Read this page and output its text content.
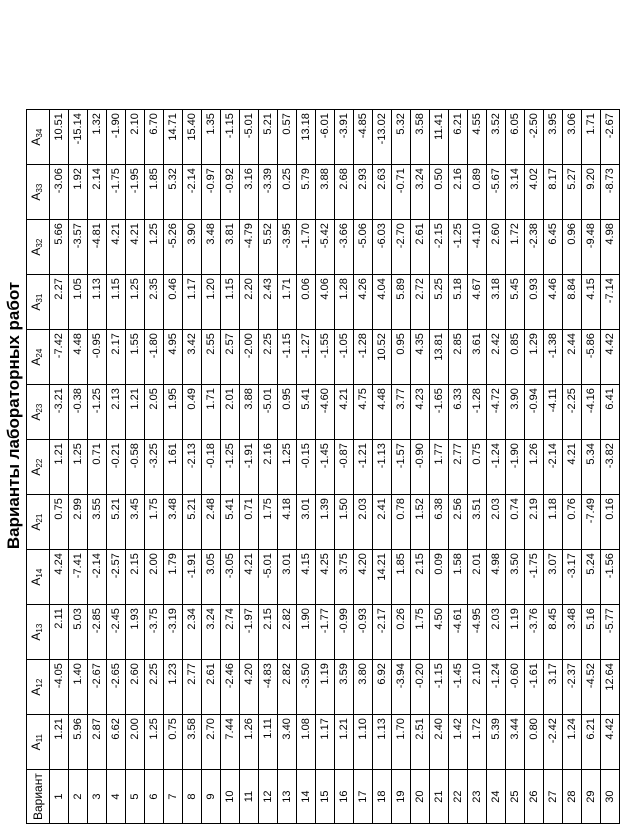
Варианты лабораторных работ
Вариант	$A_{11}$	$A_{12}$	$A_{13}$	$A_{14}$	$A_{21}$	$A_{22}$	$A_{23}$	$A_{24}$	$A_{31}$	$A_{32}$	$A_{33}$	$A_{34}$
1	1.21	-4.05	2.11	4.24	0.75	1.21	-3.21	-7.42	2.27	5.66	-3.06	10.51
2	5.96	1.40	5.03	-7.41	2.99	1.25	-0.38	4.48	1.05	-3.57	1.92	-15.14
3	2.87	-2.67	-2.85	-2.14	3.55	0.71	-1.25	-0.95	1.13	-4.81	2.14	1.32
4	6.62	-2.65	-2.45	-2.57	5.21	-0.21	2.13	2.17	1.15	4.21	-1.75	-1.90
5	2.00	2.60	1.93	2.15	3.45	-0.58	1.21	1.55	1.25	4.21	-1.95	2.10
6	1.25	2.25	-3.75	2.00	1.75	-3.25	2.05	-1.80	2.35	1.25	1.85	6.70
7	0.75	1.23	-3.19	1.79	3.48	1.61	1.95	4.95	0.46	-5.26	5.32	14.71
8	3.58	2.77	2.34	-1.91	5.21	-2.13	0.49	3.42	1.17	3.90	-2.14	15.40
9	2.70	2.61	3.24	3.05	2.48	-0.18	1.71	2.55	1.20	3.48	-0.97	1.35
10	7.44	-2.46	2.74	-3.05	5.41	-1.25	2.01	2.57	1.15	3.81	-0.92	-1.15
11	1.26	4.20	-1.97	4.21	0.71	-1.91	3.88	-2.00	2.20	-4.79	3.16	-5.01
12	1.11	-4.83	2.15	-5.01	1.75	2.16	-5.01	2.25	2.43	5.52	-3.39	5.21
13	3.40	2.82	2.82	3.01	4.18	1.25	0.95	-1.15	1.71	-3.95	0.25	0.57
14	1.08	-3.50	1.90	4.15	3.01	-0.15	5.41	-1.27	0.06	-1.70	5.79	13.18
15	1.17	1.19	-1.77	4.25	1.39	-1.45	-4.60	-1.55	4.06	-5.42	3.88	-6.01
16	1.21	3.59	-0.99	3.75	1.50	-0.87	4.21	-1.05	1.28	-3.66	2.68	-3.91
17	1.10	3.80	-0.93	4.20	2.03	-1.21	4.75	-1.28	4.26	-5.06	2.93	-4.85
18	1.13	6.92	-2.17	14.21	2.41	-1.13	4.48	10.52	4.04	-6.03	2.63	-13.02
19	1.70	-3.94	0.26	1.85	0.78	-1.57	3.77	0.95	5.89	-2.70	-0.71	5.32
20	2.51	-0.20	1.75	2.15	1.52	-0.90	4.23	4.35	2.72	2.61	3.24	3.58
21	2.40	-1.15	4.50	0.09	6.38	1.77	-1.65	13.81	5.25	-2.15	0.50	11.41
22	1.42	-1.45	-4.61	1.58	2.56	2.77	6.33	2.85	5.18	-1.25	2.16	6.21
23	1.72	2.10	-4.95	2.01	3.51	0.75	-1.28	3.61	4.67	-4.10	0.89	4.55
24	5.39	-1.24	2.03	4.98	2.03	-1.24	-4.72	2.42	3.18	2.60	-5.67	3.52
25	3.44	-0.60	1.19	3.50	0.74	-1.90	3.90	0.85	5.45	1.72	3.14	6.05
26	0.80	-1.61	-3.76	-1.75	2.19	1.26	-0.94	1.29	0.93	-2.38	4.02	-2.50
27	-2.42	3.17	8.45	3.07	1.18	-2.14	-4.11	-1.38	4.46	6.45	8.17	3.95
28	1.24	-2.37	3.48	-3.17	0.76	4.21	-2.25	2.44	8.84	0.96	5.27	3.06
29	6.21	-4.52	5.16	5.24	-7.49	5.34	-4.16	-5.86	4.15	-9.48	9.20	1.71
30	4.42	12.64	-5.77	-1.56	0.16	-3.82	6.41	4.42	-7.14	4.98	-8.73	-2.67
